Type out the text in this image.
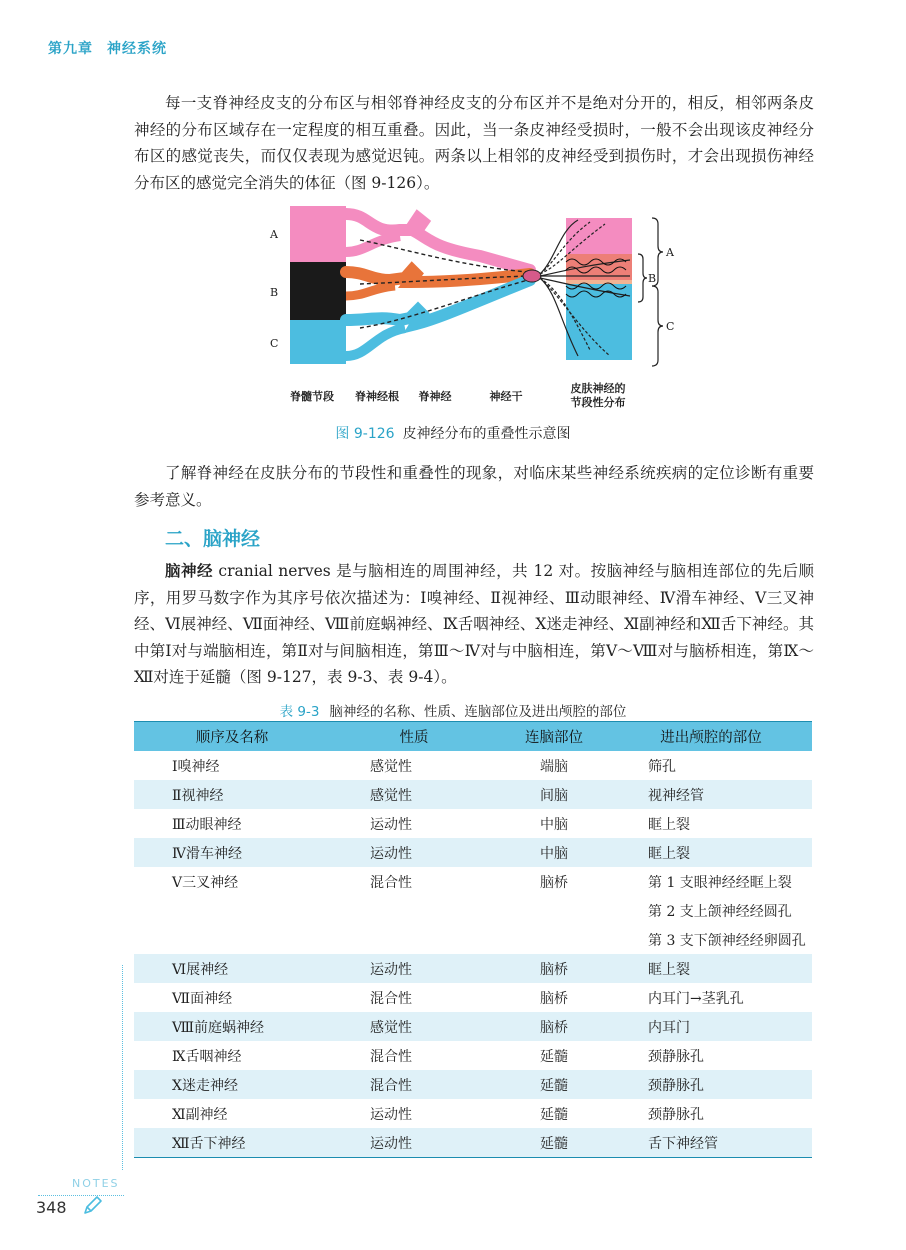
第九章 神经系统

每一支脊神经皮支的分布区与相邻脊神经皮支的分布区并不是绝对分开的，相反，相邻两条皮神经的分布区域存在一定程度的相互重叠。因此，当一条皮神经受损时，一般不会出现该皮神经分布区的感觉丧失，而仅仅表现为感觉迟钝。两条以上相邻的皮神经受到损伤时，才会出现损伤神经分布区的感觉完全消失的体征（图 9-126）。

A
B
C
A
B
C
脊髓节段 脊神经根 脊神经	神经干
皮肤神经的
节段性分布
图 9-126 皮神经分布的重叠性示意图

了解脊神经在皮肤分布的节段性和重叠性的现象，对临床某些神经系统疾病的定位诊断有重要参考意义。

二、脑神经

脑神经 cranial nerves 是与脑相连的周围神经，共 12 对。按脑神经与脑相连部位的先后顺序，用罗马数字作为其序号依次描述为：Ⅰ嗅神经、Ⅱ视神经、Ⅲ动眼神经、Ⅳ滑车神经、Ⅴ三叉神经、Ⅵ展神经、Ⅶ面神经、Ⅷ前庭蜗神经、Ⅸ舌咽神经、Ⅹ迷走神经、Ⅺ副神经和Ⅻ舌下神经。其中第Ⅰ对与端脑相连，第Ⅱ对与间脑相连，第Ⅲ～Ⅳ对与中脑相连，第Ⅴ～Ⅷ对与脑桥相连，第Ⅸ～Ⅻ对连于延髓（图 9-127，表 9-3、表 9-4）。

表 9-3 脑神经的名称、性质、连脑部位及进出颅腔的部位
顺序及名称	性质	连脑部位	进出颅腔的部位
Ⅰ嗅神经	感觉性	端脑	筛孔
Ⅱ视神经	感觉性	间脑	视神经管
Ⅲ动眼神经	运动性	中脑	眶上裂
Ⅳ滑车神经	运动性	中脑	眶上裂
Ⅴ三叉神经	混合性	脑桥	第 1 支眼神经经眶上裂
			第 2 支上颌神经经圆孔
			第 3 支下颌神经经卵圆孔
Ⅵ展神经	运动性	脑桥	眶上裂
Ⅶ面神经	混合性	脑桥	内耳门→茎乳孔
Ⅷ前庭蜗神经	感觉性	脑桥	内耳门
Ⅸ舌咽神经	混合性	延髓	颈静脉孔
Ⅹ迷走神经	混合性	延髓	颈静脉孔
Ⅺ副神经	运动性	延髓	颈静脉孔
Ⅻ舌下神经	运动性	延髓	舌下神经管
NOTES
348
